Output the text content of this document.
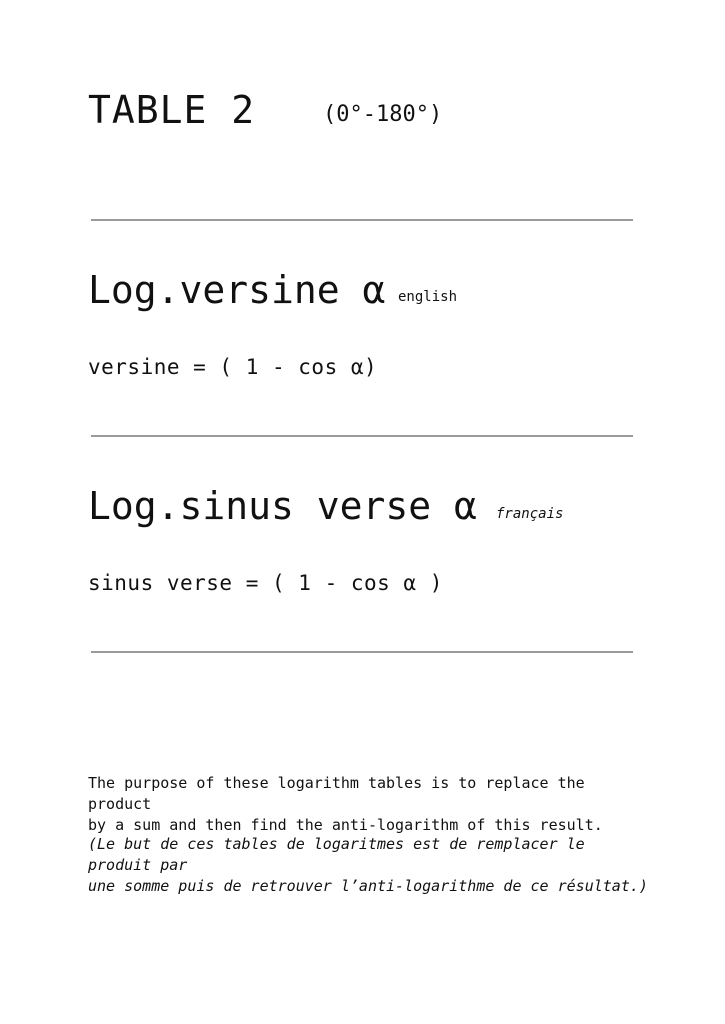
TABLE 2	(0°-180°)
Log.versine α english
versine = ( 1 - cos α)
Log.sinus verse α français
sinus verse = ( 1 - cos α )
The purpose of these logarithm tables is to replace the product
by a sum and then find the anti-logarithm of this result.
(Le but de ces tables de logaritmes est de remplacer le produit par
une somme puis de retrouver l’anti-logarithme de ce résultat.)
